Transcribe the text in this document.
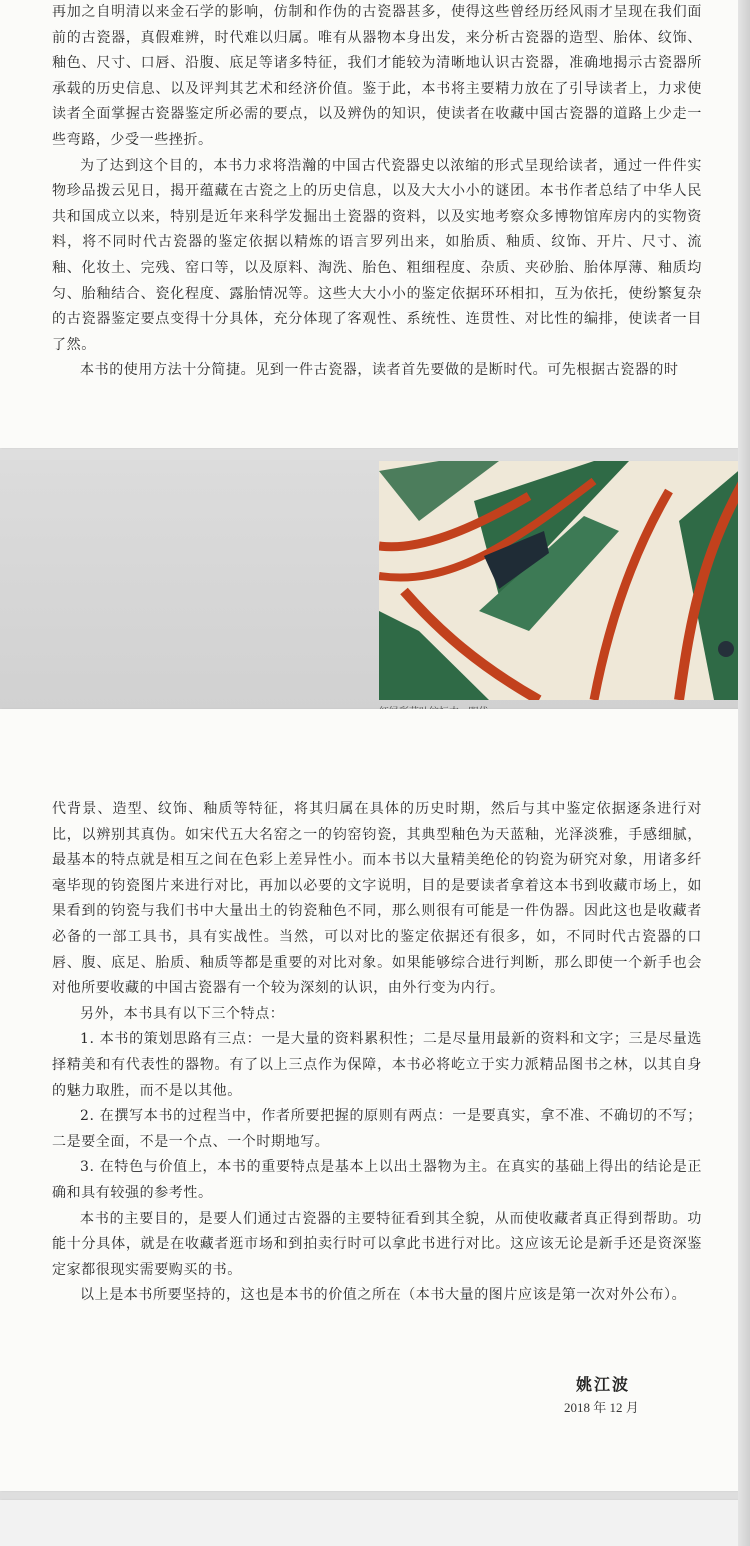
再加之自明清以来金石学的影响，仿制和作伪的古瓷器甚多，使得这些曾经历经风雨才呈现在我们面前的古瓷器，真假难辨，时代难以归属。唯有从器物本身出发，来分析古瓷器的造型、胎体、纹饰、釉色、尺寸、口唇、沿腹、底足等诸多特征，我们才能较为清晰地认识古瓷器，准确地揭示古瓷器所承载的历史信息、以及评判其艺术和经济价值。鉴于此，本书将主要精力放在了引导读者上，力求使读者全面掌握古瓷器鉴定所必需的要点，以及辨伪的知识，使读者在收藏中国古瓷器的道路上少走一些弯路，少受一些挫折。

为了达到这个目的，本书力求将浩瀚的中国古代瓷器史以浓缩的形式呈现给读者，通过一件件实物珍品拨云见日，揭开蕴藏在古瓷之上的历史信息，以及大大小小的谜团。本书作者总结了中华人民共和国成立以来，特别是近年来科学发掘出土瓷器的资料，以及实地考察众多博物馆库房内的实物资料，将不同时代古瓷器的鉴定依据以精炼的语言罗列出来，如胎质、釉质、纹饰、开片、尺寸、流釉、化妆土、完残、窑口等，以及原料、淘洗、胎色、粗细程度、杂质、夹砂胎、胎体厚薄、釉质均匀、胎釉结合、瓷化程度、露胎情况等。这些大大小小的鉴定依据环环相扣，互为依托，使纷繁复杂的古瓷器鉴定要点变得十分具体，充分体现了客观性、系统性、连贯性、对比性的编排，使读者一目了然。

本书的使用方法十分简捷。见到一件古瓷器，读者首先要做的是断时代。可先根据古瓷器的时

代背景、造型、纹饰、釉质等特征，将其归属在具体的历史时期，然后与其中鉴定依据逐条进行对比，以辨别其真伪。如宋代五大名窑之一的钧窑钧瓷，其典型釉色为天蓝釉，光泽淡雅，手感细腻，最基本的特点就是相互之间在色彩上差异性小。而本书以大量精美绝伦的钧瓷为研究对象，用诸多纤毫毕现的钧瓷图片来进行对比，再加以必要的文字说明，目的是要读者拿着这本书到收藏市场上，如果看到的钧瓷与我们书中大量出土的钧瓷釉色不同，那么则很有可能是一件伪器。因此这也是收藏者必备的一部工具书，具有实战性。当然，可以对比的鉴定依据还有很多，如，不同时代古瓷器的口唇、腹、底足、胎质、釉质等都是重要的对比对象。如果能够综合进行判断，那么即使一个新手也会对他所要收藏的中国古瓷器有一个较为深刻的认识，由外行变为内行。

另外，本书具有以下三个特点：

1. 本书的策划思路有三点：一是大量的资料累积性；二是尽量用最新的资料和文字；三是尽量选择精美和有代表性的器物。有了以上三点作为保障，本书必将屹立于实力派精品图书之林，以其自身的魅力取胜，而不是以其他。

2. 在撰写本书的过程当中，作者所要把握的原则有两点：一是要真实，拿不准、不确切的不写；二是要全面，不是一个点、一个时期地写。

3. 在特色与价值上，本书的重要特点是基本上以出土器物为主。在真实的基础上得出的结论是正确和具有较强的参考性。

本书的主要目的，是要人们通过古瓷器的主要特征看到其全貌，从而使收藏者真正得到帮助。功能十分具体，就是在收藏者逛市场和到拍卖行时可以拿此书进行对比。这应该无论是新手还是资深鉴定家都很现实需要购买的书。

以上是本书所要坚持的，这也是本书的价值之所在（本书大量的图片应该是第一次对外公布）。

姚江波
2018 年 12 月
